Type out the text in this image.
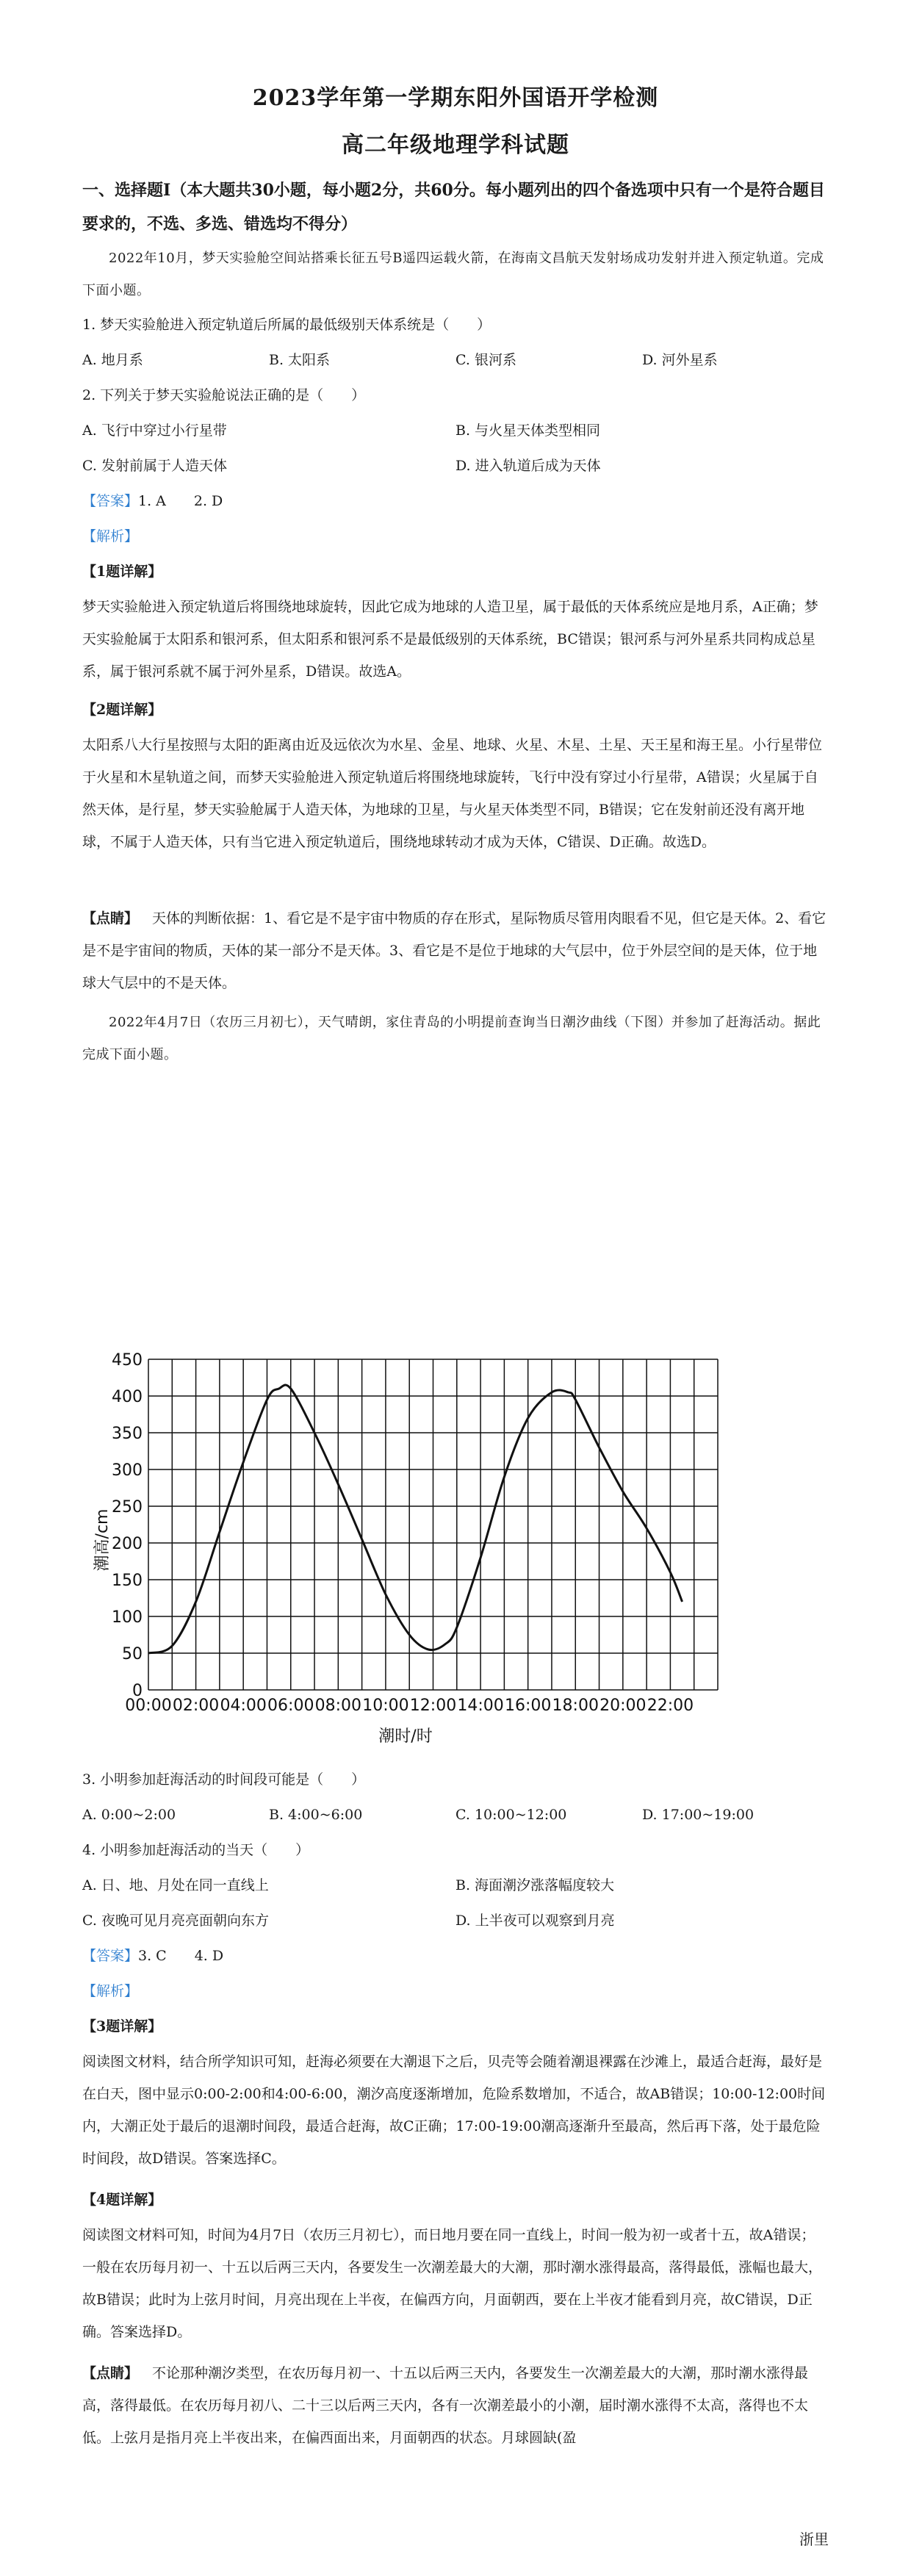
2023学年第一学期东阳外国语开学检测
高二年级地理学科试题

一、选择题Ⅰ（本大题共30小题，每小题2分，共60分。每小题列出的四个备选项中只有一个是符合题目要求的，不选、多选、错选均不得分）

2022年10月，梦天实验舱空间站搭乘长征五号B遥四运载火箭，在海南文昌航天发射场成功发射并进入预定轨道。完成下面小题。

1. 梦天实验舱进入预定轨道后所属的最低级别天体系统是（　　）
A. 地月系	B. 太阳系	C. 银河系	D. 河外星系
2. 下列关于梦天实验舱说法正确的是（　　）
A. 飞行中穿过小行星带	B. 与火星天体类型相同
C. 发射前属于人造天体	D. 进入轨道后成为天体
【答案】 1. A　　2. D
【解析】
【1题详解】

梦天实验舱进入预定轨道后将围绕地球旋转，因此它成为地球的人造卫星，属于最低的天体系统应是地月系，A正确；梦天实验舱属于太阳系和银河系，但太阳系和银河系不是最低级别的天体系统，BC错误；银河系与河外星系共同构成总星系，属于银河系就不属于河外星系，D错误。故选A。

【2题详解】

太阳系八大行星按照与太阳的距离由近及远依次为水星、金星、地球、火星、木星、土星、天王星和海王星。小行星带位于火星和木星轨道之间，而梦天实验舱进入预定轨道后将围绕地球旋转，飞行中没有穿过小行星带，A错误；火星属于自然天体，是行星，梦天实验舱属于人造天体，为地球的卫星，与火星天体类型不同，B错误；它在发射前还没有离开地球，不属于人造天体，只有当它进入预定轨道后，围绕地球转动才成为天体，C错误、D正确。故选D。

【点睛】 天体的判断依据：1、看它是不是宇宙中物质的存在形式，星际物质尽管用肉眼看不见，但它是天体。2、看它是不是宇宙间的物质，天体的某一部分不是天体。3、看它是不是位于地球的大气层中，位于外层空间的是天体，位于地球大气层中的不是天体。

2022年4月7日（农历三月初七），天气晴朗，家住青岛的小明提前查询当日潮汐曲线（下图）并参加了赶海活动。据此完成下面小题。

0
50
100
150
200
250
300
350
400
450
00:00 02:00 04:00 06:00 08:00 10:00 12:00 14:00 16:00 18:00 20:00 22:00
潮高/cm
潮时/时
3. 小明参加赶海活动的时间段可能是（　　）
A. 0:00~2:00	B. 4:00~6:00	C. 10:00~12:00	D. 17:00~19:00
4. 小明参加赶海活动的当天（　　）
A. 日、地、月处在同一直线上	B. 海面潮汐涨落幅度较大
C. 夜晚可见月亮亮面朝向东方	D. 上半夜可以观察到月亮
【答案】 3. C　　4. D
【解析】
【3题详解】

阅读图文材料，结合所学知识可知，赶海必须要在大潮退下之后，贝壳等会随着潮退裸露在沙滩上，最适合赶海，最好是在白天，图中显示0:00-2:00和4:00-6:00，潮汐高度逐渐增加，危险系数增加，不适合，故AB错误；10:00-12:00时间内，大潮正处于最后的退潮时间段，最适合赶海，故C正确；17:00-19:00潮高逐渐升至最高，然后再下落，处于最危险时间段，故D错误。答案选择C。

【4题详解】

阅读图文材料可知，时间为4月7日（农历三月初七），而日地月要在同一直线上，时间一般为初一或者十五，故A错误；一般在农历每月初一、十五以后两三天内，各要发生一次潮差最大的大潮，那时潮水涨得最高，落得最低，涨幅也最大，故B错误；此时为上弦月时间，月亮出现在上半夜，在偏西方向，月面朝西，要在上半夜才能看到月亮，故C错误，D正确。答案选择D。

【点睛】 不论那种潮汐类型，在农历每月初一、十五以后两三天内，各要发生一次潮差最大的大潮，那时潮水涨得最高，落得最低。在农历每月初八、二十三以后两三天内，各有一次潮差最小的小潮，届时潮水涨得不太高，落得也不太低。上弦月是指月亮上半夜出来，在偏西面出来，月面朝西的状态。月球圆缺(盈

浙里
